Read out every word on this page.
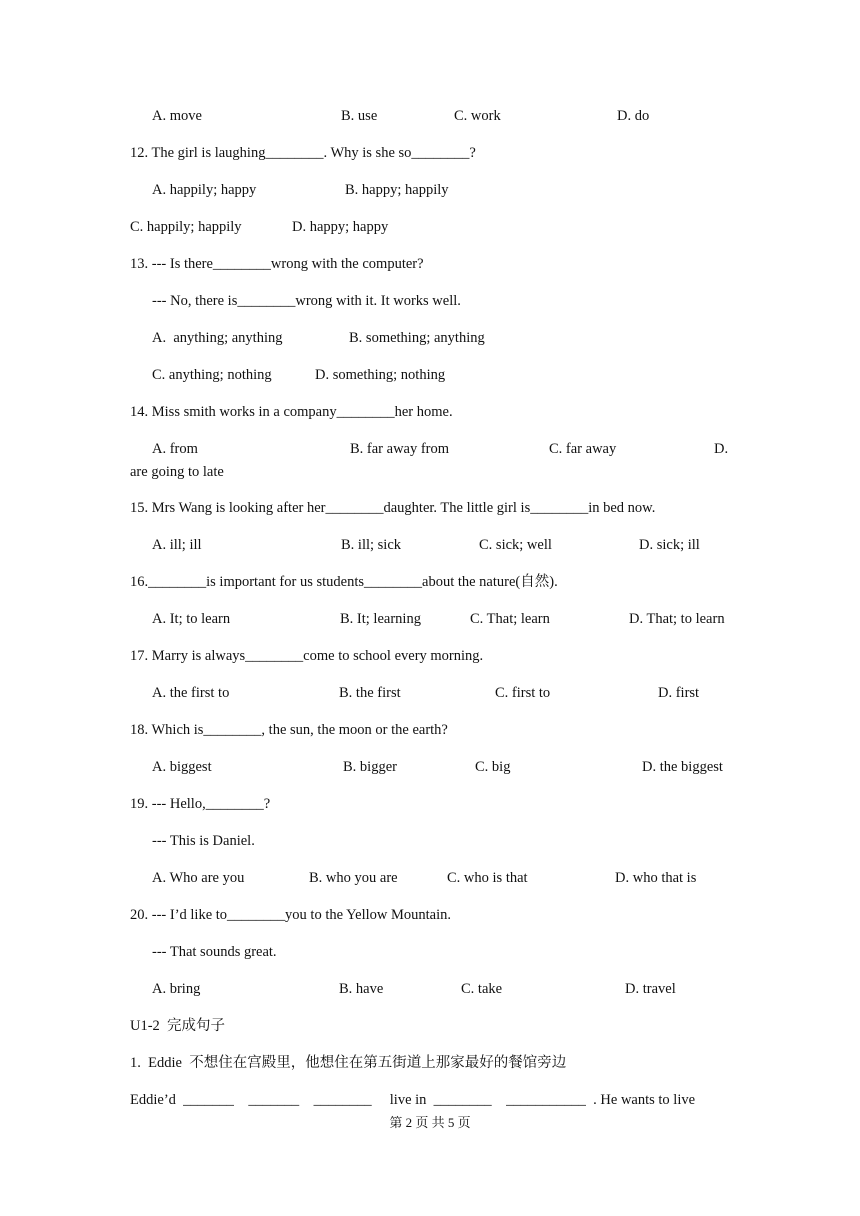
A. move	B. use	C. work	D. do
12. The girl is laughing________. Why is she so________?
A. happily; happy	B. happy; happily
C. happily; happily	D. happy; happy
13. --- Is there________wrong with the computer?
--- No, there is________wrong with it. It works well.
A.  anything; anything	B. something; anything
C. anything; nothing	D. something; nothing
14. Miss smith works in a company________her home.
A. from	B. far away from	C. far away	D.
are going to late
15. Mrs Wang is looking after her________daughter. The little girl is________in bed now.
A. ill; ill	B. ill; sick	C. sick; well	D. sick; ill
16.________is important for us students________about the nature(自然).
A. It; to learn	B. It; learning	C. That; learn	D. That; to learn
17. Marry is always________come to school every morning.
A. the first to	B. the first	C. first to	D. first
18. Which is________, the sun, the moon or the earth?
A. biggest	B. bigger	C. big	D. the biggest
19. --- Hello,________?
--- This is Daniel.
A. Who are you	B. who you are	C. who is that	D. who that is
20. --- I’d like to________you to the Yellow Mountain.
--- That sounds great.
A. bring	B. have	C. take	D. travel
U1-2  完成句子
1.  Eddie  不想住在宫殿里，他想住在第五街道上那家最好的餐馆旁边
Eddie’d  _______    _______    ________     live in  ________    ___________  . He wants to live
第 2 页 共 5 页
